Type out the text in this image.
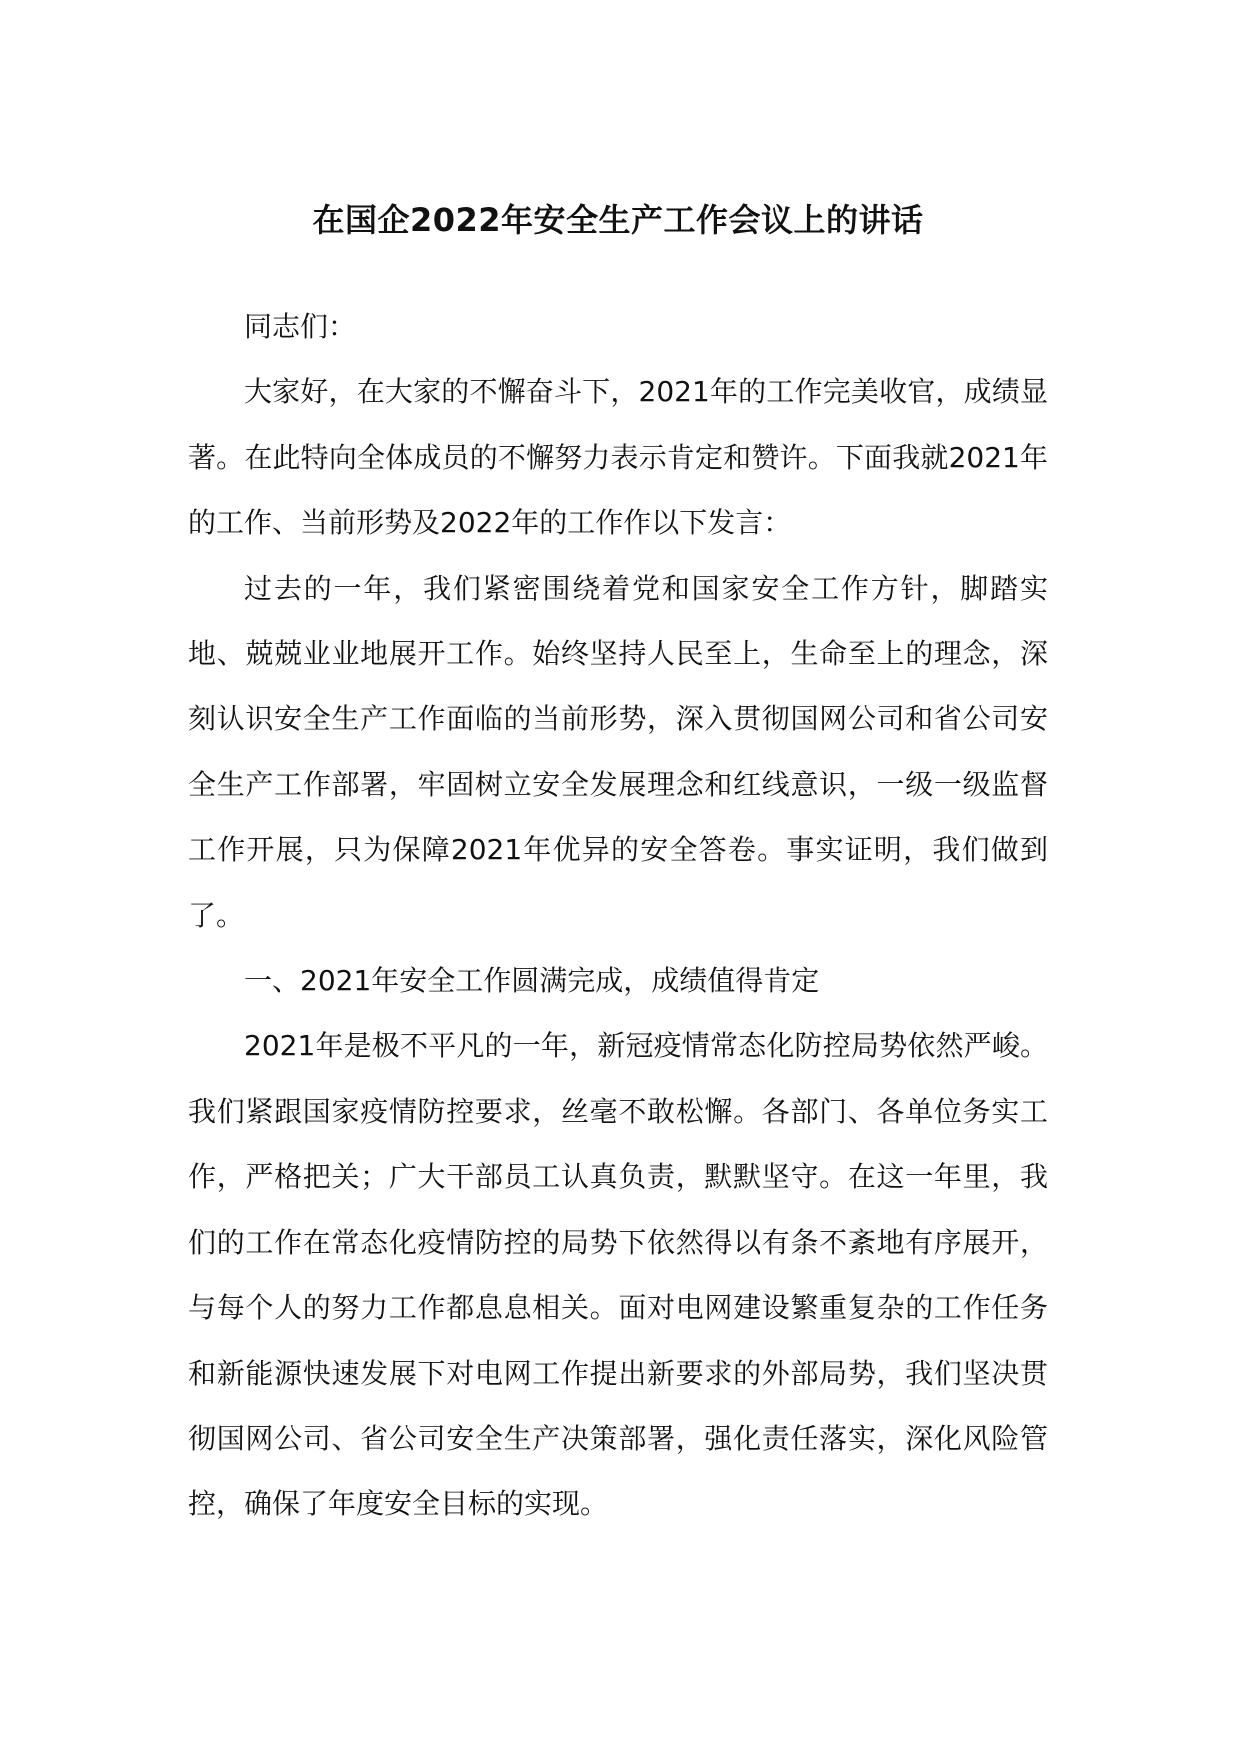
在国企2022年安全生产工作会议上的讲话

同志们：

大家好，在大家的不懈奋斗下，2021年的工作完美收官，成绩显著。在此特向全体成员的不懈努力表示肯定和赞许。下面我就2021年的工作、当前形势及2022年的工作作以下发言：

过去的一年，我们紧密围绕着党和国家安全工作方针，脚踏实地、兢兢业业地展开工作。始终坚持人民至上，生命至上的理念，深刻认识安全生产工作面临的当前形势，深入贯彻国网公司和省公司安全生产工作部署，牢固树立安全发展理念和红线意识，一级一级监督工作开展，只为保障2021年优异的安全答卷。事实证明，我们做到了。

一、2021年安全工作圆满完成，成绩值得肯定

2021年是极不平凡的一年，新冠疫情常态化防控局势依然严峻。我们紧跟国家疫情防控要求，丝毫不敢松懈。各部门、各单位务实工作，严格把关；广大干部员工认真负责，默默坚守。在这一年里，我们的工作在常态化疫情防控的局势下依然得以有条不紊地有序展开，与每个人的努力工作都息息相关。面对电网建设繁重复杂的工作任务和新能源快速发展下对电网工作提出新要求的外部局势，我们坚决贯彻国网公司、省公司安全生产决策部署，强化责任落实，深化风险管控，确保了年度安全目标的实现。
